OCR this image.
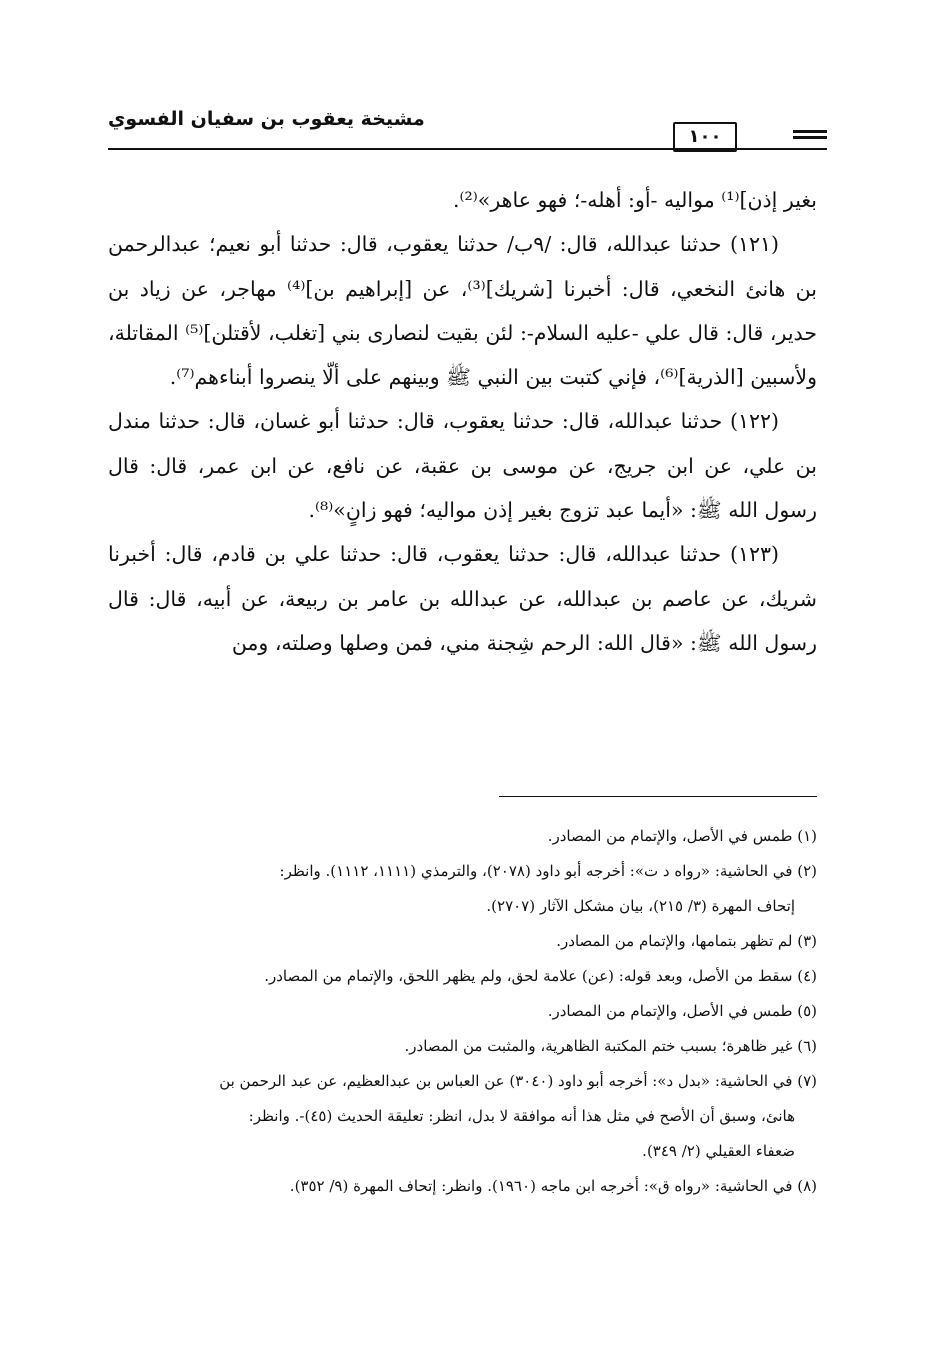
مشيخة يعقوب بن سفيان الفسوي
١٠٠

بغير إذن]⁽¹⁾ مواليه -أو: أهله-؛ فهو عاهر»⁽²⁾.

(١٢١) حدثنا عبدالله، قال: /٩ب/ حدثنا يعقوب، قال: حدثنا أبو نعيم؛ عبدالرحمن بن هانئ النخعي، قال: أخبرنا [شريك]⁽³⁾، عن [إبراهيم بن]⁽⁴⁾ مهاجر، عن زياد بن حدير، قال: قال علي -عليه السلام-: لئن بقيت لنصارى بني [تغلب، لأقتلن]⁽⁵⁾ المقاتلة، ولأسبين [الذرية]⁽⁶⁾، فإني كتبت بين النبي ﷺ وبينهم على ألّا ينصروا أبناءهم⁽⁷⁾.

(١٢٢) حدثنا عبدالله، قال: حدثنا يعقوب، قال: حدثنا أبو غسان، قال: حدثنا مندل بن علي، عن ابن جريج، عن موسى بن عقبة، عن نافع، عن ابن عمر، قال: قال رسول الله ﷺ: «أيما عبد تزوج بغير إذن مواليه؛ فهو زانٍ»⁽⁸⁾.

(١٢٣) حدثنا عبدالله، قال: حدثنا يعقوب، قال: حدثنا علي بن قادم، قال: أخبرنا شريك، عن عاصم بن عبدالله، عن عبدالله بن عامر بن ربيعة، عن أبيه، قال: قال رسول الله ﷺ: «قال الله: الرحم شِجنة مني، فمن وصلها وصلته، ومن

(١) طمس في الأصل، والإتمام من المصادر.
(٢) في الحاشية: «رواه د ت»: أخرجه أبو داود (٢٠٧٨)، والترمذي (١١١١، ١١١٢). وانظر:
إتحاف المهرة (٣/ ٢١٥)، بيان مشكل الآثار (٢٧٠٧).
(٣) لم تظهر بتمامها، والإتمام من المصادر.
(٤) سقط من الأصل، وبعد قوله: (عن) علامة لحق، ولم يظهر اللحق، والإتمام من المصادر.
(٥) طمس في الأصل، والإتمام من المصادر.
(٦) غير ظاهرة؛ بسبب ختم المكتبة الظاهرية، والمثبت من المصادر.
(٧) في الحاشية: «بدل د»: أخرجه أبو داود (٣٠٤٠) عن العباس بن عبدالعظيم، عن عبد الرحمن بن
هانئ، وسبق أن الأصح في مثل هذا أنه موافقة لا بدل، انظر: تعليقة الحديث (٤٥)-. وانظر:
ضعفاء العقيلي (٢/ ٣٤٩).
(٨) في الحاشية: «رواه ق»: أخرجه ابن ماجه (١٩٦٠). وانظر: إتحاف المهرة (٩/ ٣٥٢).
